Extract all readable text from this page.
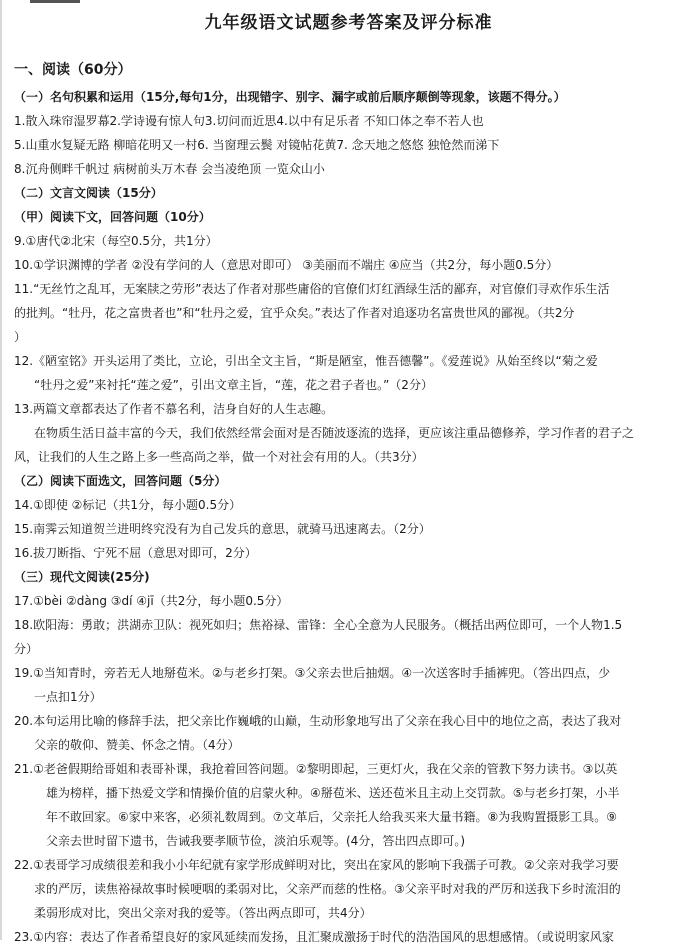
九年级语文试题参考答案及评分标准
一、阅读（60分）
（一）名句积累和运用（15分,每句1分，出现错字、别字、漏字或前后顺序颠倒等现象，该题不得分。）
1.散入珠帘湿罗幕2.学诗谩有惊人句3.切问而近思4.以中有足乐者 不知口体之奉不若人也
5.山重水复疑无路 柳暗花明又一村6. 当窗理云鬓 对镜帖花黄7. 念天地之悠悠 独怆然而涕下
8.沉舟侧畔千帆过 病树前头万木春 会当凌绝顶 一览众山小
（二）文言文阅读（15分）
（甲）阅读下文，回答问题（10分）
9.①唐代②北宋（每空0.5分，共1分）
10.①学识渊博的学者 ②没有学问的人（意思对即可） ③美丽而不端庄 ④应当（共2分，每小题0.5分）
11.“无丝竹之乱耳，无案牍之劳形”表达了作者对那些庸俗的官僚们灯红酒绿生活的鄙弃，对官僚们寻欢作乐生活
的批判。“牡丹，花之富贵者也”和“牡丹之爱，宜乎众矣。”表达了作者对追逐功名富贵世风的鄙视。（共2分
）
12.《陋室铭》开头运用了类比，立论，引出全文主旨，“斯是陋室，惟吾德馨”。《爱莲说》从始至终以“菊之爱
“牡丹之爱”来衬托“莲之爱”，引出文章主旨，“莲，花之君子者也。”（2分）
13.两篇文章都表达了作者不慕名利，洁身自好的人生志趣。
在物质生活日益丰富的今天，我们依然经常会面对是否随波逐流的选择，更应该注重品德修养，学习作者的君子之
风，让我们的人生之路上多一些高尚之举，做一个对社会有用的人。（共3分）
（乙）阅读下面选文，回答问题（5分）
14.①即使 ②标记（共1分，每小题0.5分）
15.南霁云知道贺兰进明终究没有为自己发兵的意思，就骑马迅速离去。（2分）
16.拔刀断指、宁死不屈（意思对即可，2分）
（三）现代文阅读(25分)
17.①bèi ②dàng ③dí ④jī（共2分，每小题0.5分）
18.欧阳海：勇敢；洪湖赤卫队：视死如归；焦裕禄、雷锋：全心全意为人民服务。（概括出两位即可，一个人物1.5
分）
19.①当知青时，旁若无人地掰苞米。②与老乡打架。③父亲去世后抽烟。④一次送客时手插裤兜。（答出四点，少
一点扣1分）
20.本句运用比喻的修辞手法，把父亲比作巍峨的山巅，生动形象地写出了父亲在我心目中的地位之高，表达了我对
父亲的敬仰、赞美、怀念之情。（4分）
21.①老爸假期给哥姐和表哥补课，我抢着回答问题。②黎明即起，三更灯火，我在父亲的管教下努力读书。③以英
雄为榜样，播下热爱文学和情操价值的启蒙火种。④掰苞米、送还苞米且主动上交罚款。⑤与老乡打架，小半
年不敢回家。⑥家中来客，必须礼数周到。⑦文革后，父亲托人给我买来大量书籍。⑧为我购置摄影工具。⑨
父亲去世时留下遗书，告诫我要孝顺节俭，淡泊乐观等。(4分，答出四点即可。)
22.①表哥学习成绩很差和我小小年纪就有家学形成鲜明对比，突出在家风的影响下我孺子可教。②父亲对我学习要
求的严厉，读焦裕禄故事时候哽咽的柔弱对比，父亲严而慈的性格。③父亲平时对我的严厉和送我下乡时流泪的
柔弱形成对比，突出父亲对我的爱等。（答出两点即可，共4分）
23.①内容：表达了作者希望良好的家风延续而发扬，且汇聚成激扬于时代的浩浩国风的思想感情。（或说明家风家
